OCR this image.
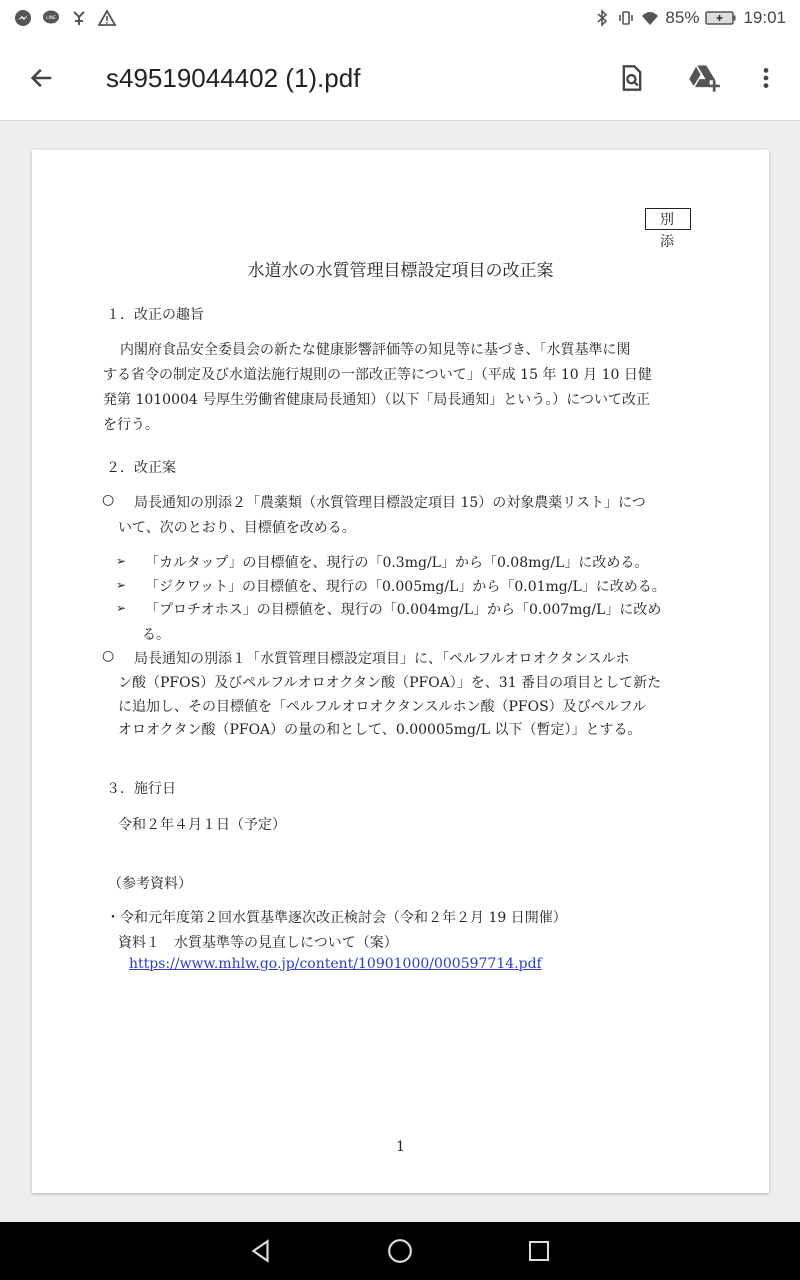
LINE	85%	19:01
s49519044402 (1).pdf
別 添
水道水の水質管理目標設定項目の改正案
１．改正の趣旨
内閣府食品安全委員会の新たな健康影響評価等の知見等に基づき、「水質基準に関
する省令の制定及び水道法施行規則の一部改正等について」（平成 15 年 10 月 10 日健
発第 1010004 号厚生労働省健康局長通知）（以下「局長通知」という。）について改正
を行う。
２．改正案
○ 局長通知の別添２「農薬類（水質管理目標設定項目 15）の対象農薬リスト」につ
いて、次のとおり、目標値を改める。
➢ 「カルタップ」の目標値を、現行の「0.3mg/L」から「0.08mg/L」に改める。
➢ 「ジクワット」の目標値を、現行の「0.005mg/L」から「0.01mg/L」に改める。
➢ 「プロチオホス」の目標値を、現行の「0.004mg/L」から「0.007mg/L」に改め
る。
○ 局長通知の別添１「水質管理目標設定項目」に、「ペルフルオロオクタンスルホ
ン酸（PFOS）及びペルフルオロオクタン酸（PFOA）」を、31 番目の項目として新た
に追加し、その目標値を「ペルフルオロオクタンスルホン酸（PFOS）及びペルフル
オロオクタン酸（PFOA）の量の和として、0.00005mg/L 以下（暫定）」とする。
３．施行日
令和２年４月１日（予定）
（参考資料）
・令和元年度第２回水質基準逐次改正検討会（令和２年２月 19 日開催）
資料１　水質基準等の見直しについて（案）
https://www.mhlw.go.jp/content/10901000/000597714.pdf
1
